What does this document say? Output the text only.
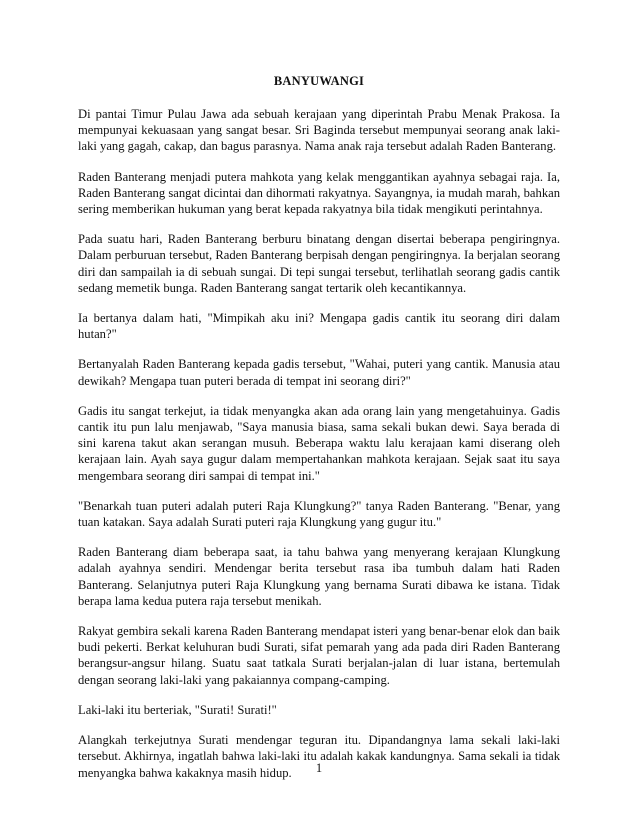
BANYUWANGI

Di pantai Timur Pulau Jawa ada sebuah kerajaan yang diperintah Prabu Menak Prakosa. Ia mempunyai kekuasaan yang sangat besar. Sri Baginda tersebut mempunyai seorang anak laki-laki yang gagah, cakap, dan bagus parasnya. Nama anak raja tersebut adalah Raden Banterang.

Raden Banterang menjadi putera mahkota yang kelak menggantikan ayahnya sebagai raja. Ia, Raden Banterang sangat dicintai dan dihormati rakyatnya. Sayangnya, ia mudah marah, bahkan sering memberikan hukuman yang berat kepada rakyatnya bila tidak mengikuti perintahnya.

Pada suatu hari, Raden Banterang berburu binatang dengan disertai beberapa pengiringnya. Dalam perburuan tersebut, Raden Banterang berpisah dengan pengiringnya. Ia berjalan seorang diri dan sampailah ia di sebuah sungai. Di tepi sungai tersebut, terlihatlah seorang gadis cantik sedang memetik bunga. Raden Banterang sangat tertarik oleh kecantikannya.

Ia bertanya dalam hati, "Mimpikah aku ini? Mengapa gadis cantik itu seorang diri dalam hutan?"

Bertanyalah Raden Banterang kepada gadis tersebut, "Wahai, puteri yang cantik. Manusia atau dewikah? Mengapa tuan puteri berada di tempat ini seorang diri?"

Gadis itu sangat terkejut, ia tidak menyangka akan ada orang lain yang mengetahuinya. Gadis cantik itu pun lalu menjawab, "Saya manusia biasa, sama sekali bukan dewi. Saya berada di sini karena takut akan serangan musuh. Beberapa waktu lalu kerajaan kami diserang oleh kerajaan lain. Ayah saya gugur dalam mempertahankan mahkota kerajaan. Sejak saat itu saya mengembara seorang diri sampai di tempat ini."

"Benarkah tuan puteri adalah puteri Raja Klungkung?" tanya Raden Banterang. "Benar, yang tuan katakan. Saya adalah Surati puteri raja Klungkung yang gugur itu."

Raden Banterang diam beberapa saat, ia tahu bahwa yang menyerang kerajaan Klungkung adalah ayahnya sendiri. Mendengar berita tersebut rasa iba tumbuh dalam hati Raden Banterang. Selanjutnya puteri Raja Klungkung yang bernama Surati dibawa ke istana. Tidak berapa lama kedua putera raja tersebut menikah.

Rakyat gembira sekali karena Raden Banterang mendapat isteri yang benar-benar elok dan baik budi pekerti. Berkat keluhuran budi Surati, sifat pemarah yang ada pada diri Raden Banterang berangsur-angsur hilang. Suatu saat tatkala Surati berjalan-jalan di luar istana, bertemulah dengan seorang laki-laki yang pakaiannya compang-camping.

Laki-laki itu berteriak, "Surati! Surati!"

Alangkah terkejutnya Surati mendengar teguran itu. Dipandangnya lama sekali laki-laki tersebut. Akhirnya, ingatlah bahwa laki-laki itu adalah kakak kandungnya. Sama sekali ia tidak menyangka bahwa kakaknya masih hidup.	1
